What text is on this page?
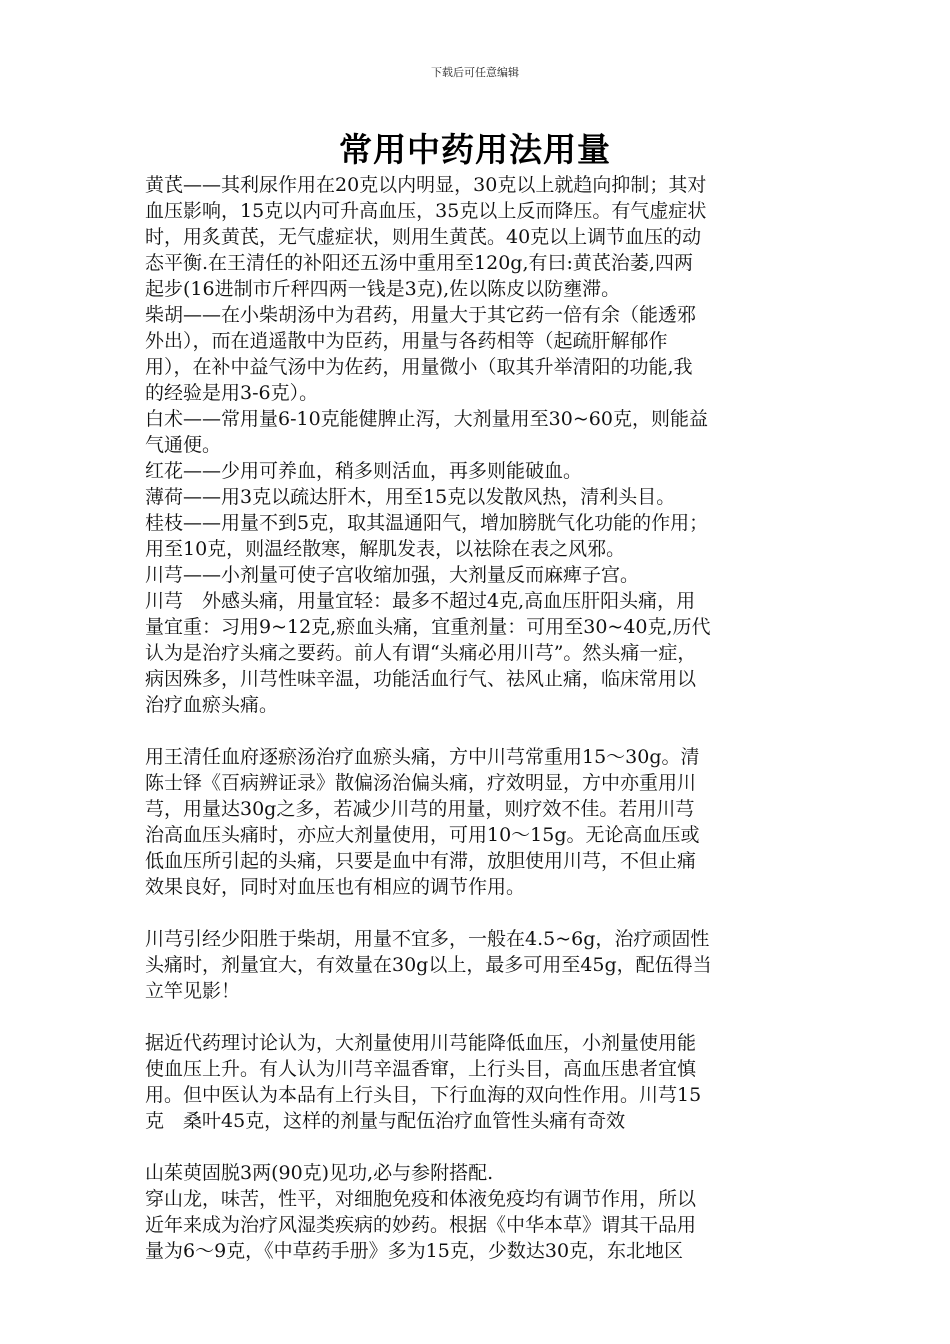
下载后可任意编辑
常用中药用法用量
黄芪——其利尿作用在20克以内明显，30克以上就趋向抑制；其对
血压影响，15克以内可升高血压，35克以上反而降压。有气虚症状
时，用炙黄芪，无气虚症状，则用生黄芪。40克以上调节血压的动
态平衡.在王清任的补阳还五汤中重用至120g,有曰:黄芪治萎,四两
起步(16进制市斤秤四两一钱是3克),佐以陈皮以防壅滞。
柴胡——在小柴胡汤中为君药，用量大于其它药一倍有余（能透邪
外出），而在逍遥散中为臣药，用量与各药相等（起疏肝解郁作
用），在补中益气汤中为佐药，用量微小（取其升举清阳的功能,我
的经验是用3-6克）。
白术——常用量6-10克能健脾止泻，大剂量用至30~60克，则能益
气通便。
红花——少用可养血，稍多则活血，再多则能破血。
薄荷——用3克以疏达肝木，用至15克以发散风热，清利头目。
桂枝——用量不到5克，取其温通阳气，增加膀胱气化功能的作用；
用至10克，则温经散寒，解肌发表，以祛除在表之风邪。
川芎——小剂量可使子宫收缩加强，大剂量反而麻痺子宫。
川芎　外感头痛，用量宜轻：最多不超过4克,高血压肝阳头痛，用
量宜重：习用9~12克,瘀血头痛，宜重剂量：可用至30~40克,历代
认为是治疗头痛之要药。前人有谓“头痛必用川芎”。然头痛一症，
病因殊多，川芎性味辛温，功能活血行气、祛风止痛，临床常用以
治疗血瘀头痛。
用王清任血府逐瘀汤治疗血瘀头痛，方中川芎常重用15～30g。清
陈士铎《百病辨证录》散偏汤治偏头痛，疗效明显，方中亦重用川
芎，用量达30g之多，若减少川芎的用量，则疗效不佳。若用川芎
治高血压头痛时，亦应大剂量使用，可用10～15g。无论高血压或
低血压所引起的头痛，只要是血中有滞，放胆使用川芎，不但止痛
效果良好，同时对血压也有相应的调节作用。
川芎引经少阳胜于柴胡，用量不宜多，一般在4.5~6g，治疗顽固性
头痛时，剂量宜大，有效量在30g以上，最多可用至45g，配伍得当
立竿见影！
据近代药理讨论认为，大剂量使用川芎能降低血压，小剂量使用能
使血压上升。有人认为川芎辛温香窜，上行头目，高血压患者宜慎
用。但中医认为本品有上行头目，下行血海的双向性作用。川芎15
克　桑叶45克，这样的剂量与配伍治疗血管性头痛有奇效
山茱萸固脱3两(90克)见功,必与参附搭配.
穿山龙，味苦，性平，对细胞免疫和体液免疫均有调节作用，所以
近年来成为治疗风湿类疾病的妙药。根据《中华本草》谓其干品用
量为6～9克，《中草药手册》多为15克，少数达30克，东北地区
